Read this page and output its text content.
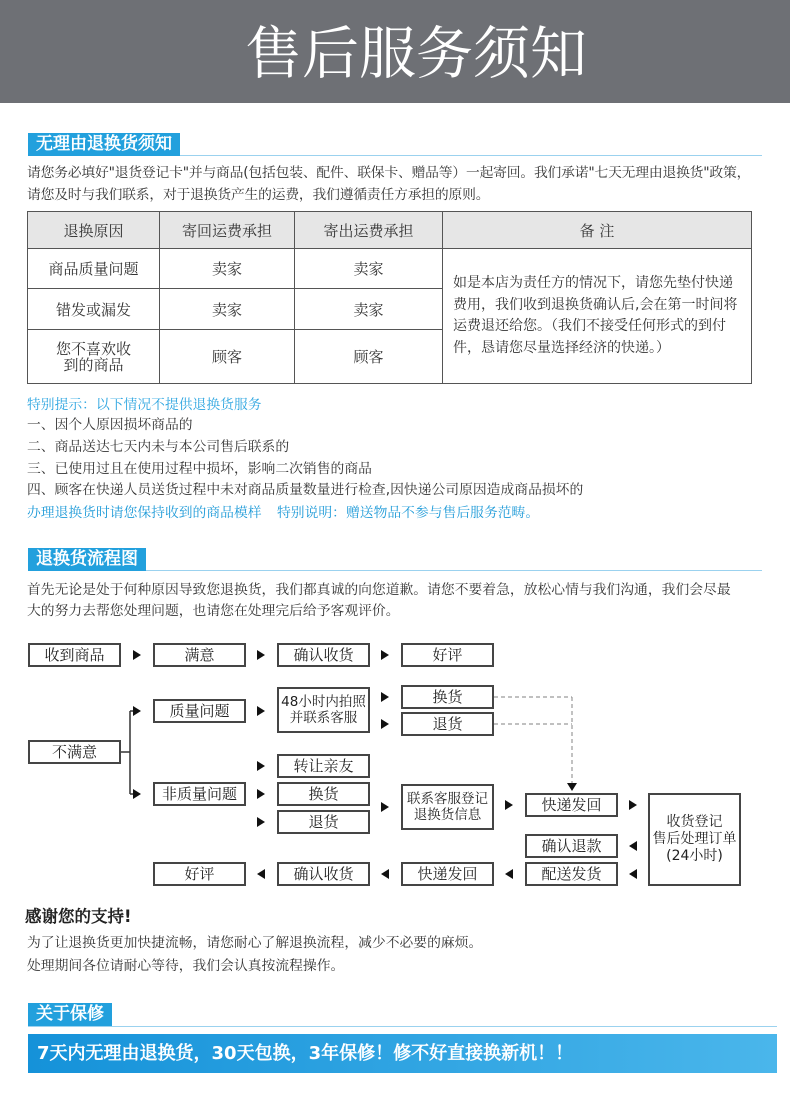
售后服务须知
无理由退换货须知
请您务必填好"退货登记卡"并与商品(包括包装、配件、联保卡、赠品等）一起寄回。我们承诺"七天无理由退换货"政策，
请您及时与我们联系，对于退换货产生的运费，我们遵循责任方承担的原则。
退换原因	寄回运费承担	寄出运费承担	备 注
商品质量问题	卖家	卖家	如是本店为责任方的情况下，请您先垫付快递
费用，我们收到退换货确认后,会在第一时间将
运费退还给您。（我们不接受任何形式的到付
件，恳请您尽量选择经济的快递。）

错发或漏发	卖家	卖家	
您不喜欢收
到的商品	顾客	顾客	
特别提示：以下情况不提供退换货服务
一、因个人原因损坏商品的
二、商品送达七天内未与本公司售后联系的
三、已使用过且在使用过程中损坏，影响二次销售的商品
四、顾客在快递人员送货过程中未对商品质量数量进行检查,因快递公司原因造成商品损坏的
办理退换货时请您保持收到的商品模样 特别说明：赠送物品不参与售后服务范畴。
退换货流程图
首先无论是处于何种原因导致您退换货，我们都真诚的向您道歉。请您不要着急，放松心情与我们沟通，我们会尽最
大的努力去帮您处理问题，也请您在处理完后给予客观评价。
收到商品	满意	确认收货	好评
质量问题	48小时内拍照
并联系客服
换货
退货
不满意
转让亲友
非质量问题	换货
退货
联系客服登记
退换货信息
快递发回
收货登记
售后处理订单
(24小时)
确认退款
好评	确认收货	快递发回	配送发货
感谢您的支持!
为了让退换货更加快捷流畅，请您耐心了解退换流程，减少不必要的麻烦。
处理期间各位请耐心等待，我们会认真按流程操作。
关于保修
7天内无理由退换货，30天包换，3年保修！修不好直接换新机！！
